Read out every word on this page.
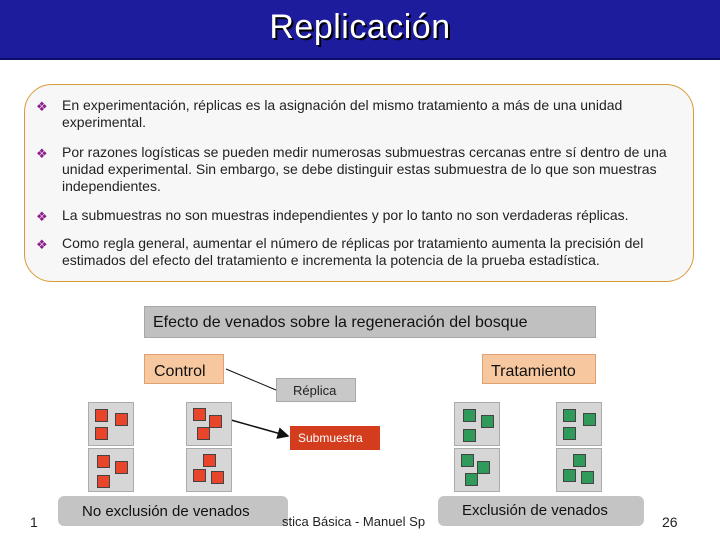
Replicación
❖ En experimentación, réplicas es la asignación del mismo tratamiento a más de una unidad experimental.
❖ Por razones logísticas se pueden medir numerosas submuestras cercanas entre sí dentro de una unidad experimental. Sin embargo, se debe distinguir estas submuestra de lo que son muestras independientes.
❖ La submuestras no son muestras independientes y por lo tanto no son verdaderas réplicas.
❖ Como regla general, aumentar el número de réplicas por tratamiento aumenta la precisión del estimados del efecto del tratamiento e incrementa la potencia de la prueba estadística.
Efecto de venados sobre la regeneración del bosque
Control	Tratamiento
Réplica
Submuestra
No exclusión de venados	Exclusión de venados
1	stica Básica - Manuel Sp	26
